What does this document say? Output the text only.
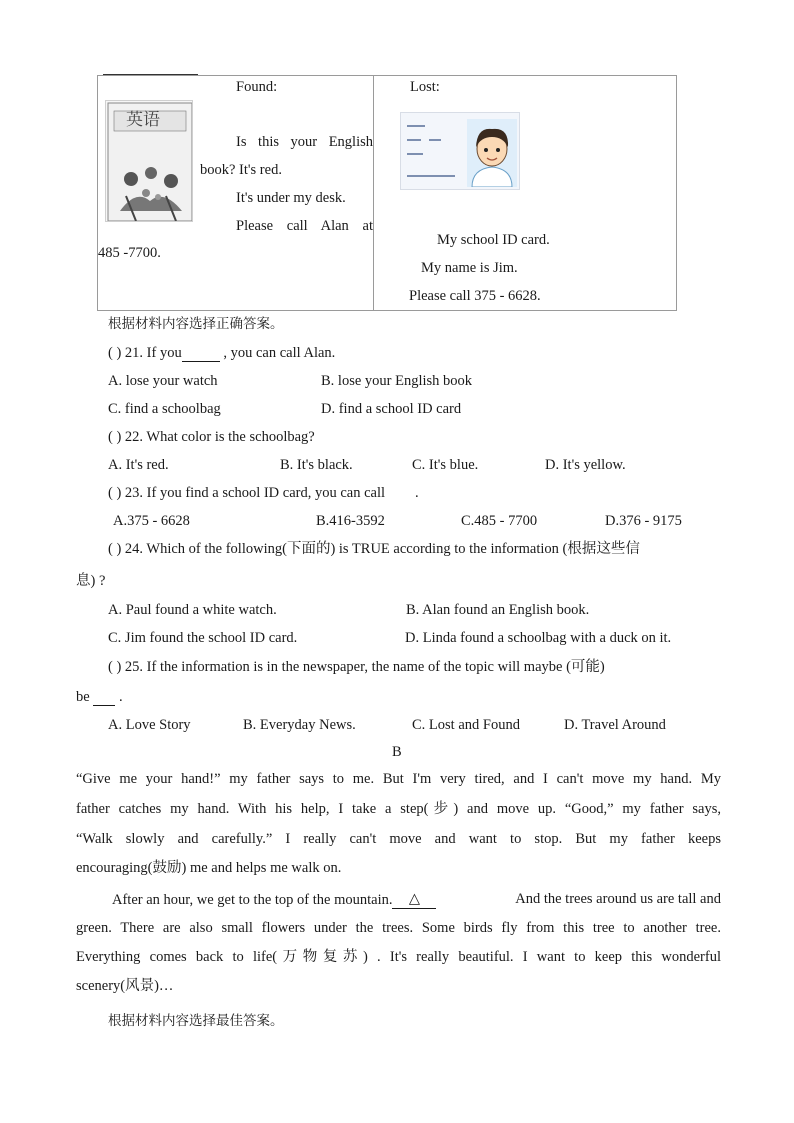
英语
Found:
Is this your English
book? It's red.
It's under my desk.
Please call Alan at
485 -7700.
Lost:
My school ID card.
My name is Jim.
Please call 375 - 6628.
根据材料内容选择正确答案。
( ) 21. If you	, you can call Alan.
A. lose your watch	B. lose your English book
C. find a schoolbag	D. find a school ID card
( ) 22. What color is the schoolbag?
A. It's red.	B. It's black.	C. It's blue.	D. It's yellow.
( ) 23. If you find a school ID card, you can call .
A.375 - 6628	B.416-3592	C.485 - 7700	D.376 - 9175
( ) 24. Which of the following(下面的) is TRUE according to the information (根据这些信
息) ?
A. Paul found a white watch.	B. Alan found an English book.
C. Jim found the school ID card.	D. Linda found a schoolbag with a duck on it.
( ) 25. If the information is in the newspaper, the name of the topic will maybe (可能)
be .
A. Love Story	B. Everyday News.	C. Lost and Found	D. Travel Around
B
“Give me your hand!” my father says to me. But I'm very tired, and I can't move my hand. My
father catches my hand. With his help, I take a step(步) and move up. “Good,” my father says,
“Walk slowly and carefully.” I really can't move and want to stop. But my father keeps
encouraging(鼓励) me and helps me walk on.
After an hour, we get to the top of the mountain. △	And the trees around us are tall and
green. There are also small flowers under the trees. Some birds fly from this tree to another tree.
Everything comes back to life(万物复苏) . It's really beautiful. I want to keep this wonderful
scenery(风景)…
根据材料内容选择最佳答案。
